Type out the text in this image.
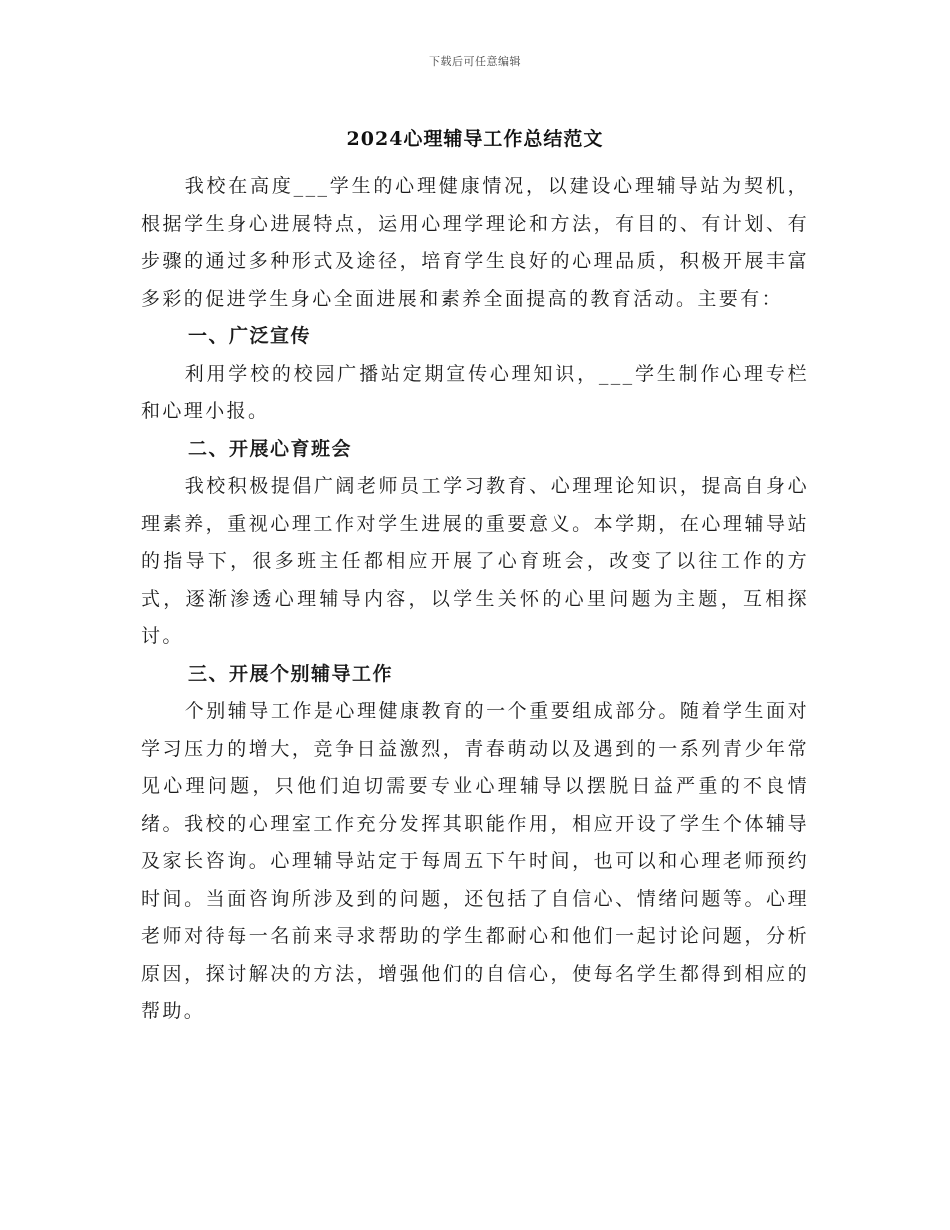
下载后可任意编辑
2024心理辅导工作总结范文

我校在高度___学生的心理健康情况，以建设心理辅导站为契机，根据学生身心进展特点，运用心理学理论和方法，有目的、有计划、有步骤的通过多种形式及途径，培育学生良好的心理品质，积极开展丰富多彩的促进学生身心全面进展和素养全面提高的教育活动。主要有：

一、广泛宣传

利用学校的校园广播站定期宣传心理知识，___学生制作心理专栏和心理小报。

二、开展心育班会

我校积极提倡广阔老师员工学习教育、心理理论知识，提高自身心理素养，重视心理工作对学生进展的重要意义。本学期，在心理辅导站的指导下，很多班主任都相应开展了心育班会，改变了以往工作的方式，逐渐渗透心理辅导内容，以学生关怀的心里问题为主题，互相探讨。

三、开展个别辅导工作

个别辅导工作是心理健康教育的一个重要组成部分。随着学生面对学习压力的增大，竞争日益激烈，青春萌动以及遇到的一系列青少年常见心理问题，只他们迫切需要专业心理辅导以摆脱日益严重的不良情绪。我校的心理室工作充分发挥其职能作用，相应开设了学生个体辅导及家长咨询。心理辅导站定于每周五下午时间，也可以和心理老师预约时间。当面咨询所涉及到的问题，还包括了自信心、情绪问题等。心理老师对待每一名前来寻求帮助的学生都耐心和他们一起讨论问题，分析原因，探讨解决的方法，增强他们的自信心，使每名学生都得到相应的帮助。
